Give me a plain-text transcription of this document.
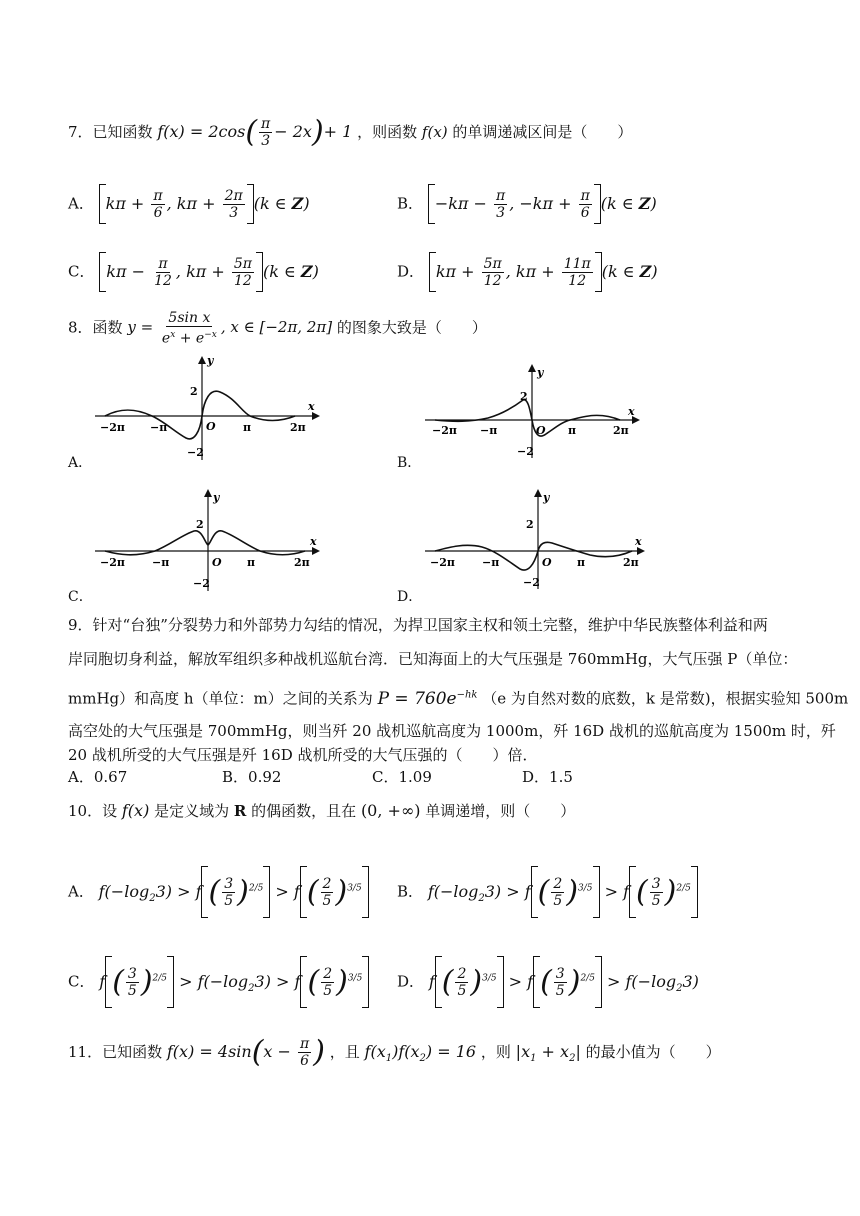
7．已知函数 $f(x) = 2\cos( \frac{\pi}{3} - 2x)+ 1$ ，则函数 f(x) 的单调递减区间是（　　）
A． $k\pi + \frac{\pi}{6}$ , $k\pi + \frac{2\pi}{3} (k$ ∈ Z)	B． $-k\pi - \frac{\pi}{3}$ , $-k\pi + \frac{\pi}{6} (k$ ∈ Z)
C． $k\pi - \frac{\pi}{12}$ , $k\pi + \frac{5\pi}{12} (k$ ∈ Z)	D． $k\pi + \frac{5\pi}{12}$ , $k\pi + \frac{11\pi}{12} (k$ ∈ Z)
8．函数 $y = \frac{\text{5sin x}}{e^x + e^{-x}}$ , x ∈ [−2π, 2π] 的图象大致是（　　）
A．
y
x
2
−2
O
−2π −π	π	2π
B．
y
x
2
−2
O
−2π −π	π	2π
C．
y
x
2
−2
O
−2π −π	π	2π
D．
y
x
2
−2
O
−2π −π	π	2π
9．针对“台独”分裂势力和外部势力勾结的情况，为捍卫国家主权和领土完整，维护中华民族整体利益和两
岸同胞切身利益，解放军组织多种战机巡航台湾．已知海面上的大气压强是 760mmHg，大气压强 P（单位：
mmHg）和高度 h（单位：m）之间的关系为 $P = 760e^{-hk}$ （e 为自然对数的底数，k 是常数)，根据实验知 500m
高空处的大气压强是 700mmHg，则当歼 20 战机巡航高度为 1000m，歼 16D 战机的巡航高度为 1500m 时，歼
20 战机所受的大气压强是歼 16D 战机所受的大气压强的（　　）倍．
A．0.67	B．0.92	C．1.09	D．1.5
10．设 f(x) 是定义域为 R 的偶函数，且在 (0, +∞) 单调递增，则（　　）
A． $f(-\log_23) > f$ ( $\frac{3}{5} )^{2/5} > f$ ( $\frac{2}{5} )^{3/5}$	B． $f(-\log_23) > f$ ( $\frac{2}{5} )^{3/5} > f$ ( $\frac{3}{5} )^{2/5}$
C． f ( $\frac{3}{5} )^{2/5} > f(-\log_23) > f$ ( $\frac{2}{5} )^{3/5}$	D． f ( $\frac{2}{5} )^{3/5} > f$ ( $\frac{3}{5} )^{2/5} > f(-\log_23)$
11．已知函数 $f(x) = 4\sin(x - \frac{\pi}{6}$ ) ，且 $f(x_1)f(x_2) = 16$ ，则 $|x_1 + x_2|$ 的最小值为（　　）
